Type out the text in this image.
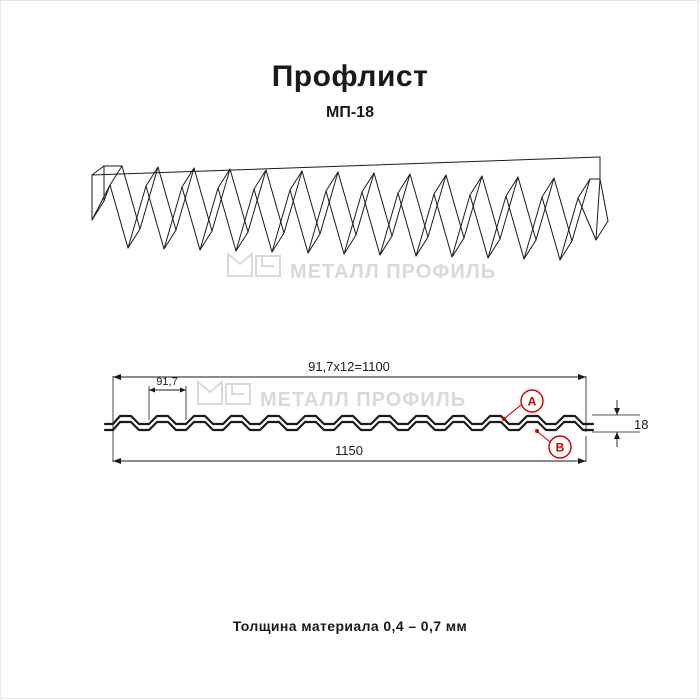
Профлист
МП-18
МЕТАЛЛ ПРОФИЛЬ
МЕТАЛЛ ПРОФИЛЬ	A
B
91,7х12=1100
91,7
1150
18
Толщина материала 0,4 – 0,7 мм
